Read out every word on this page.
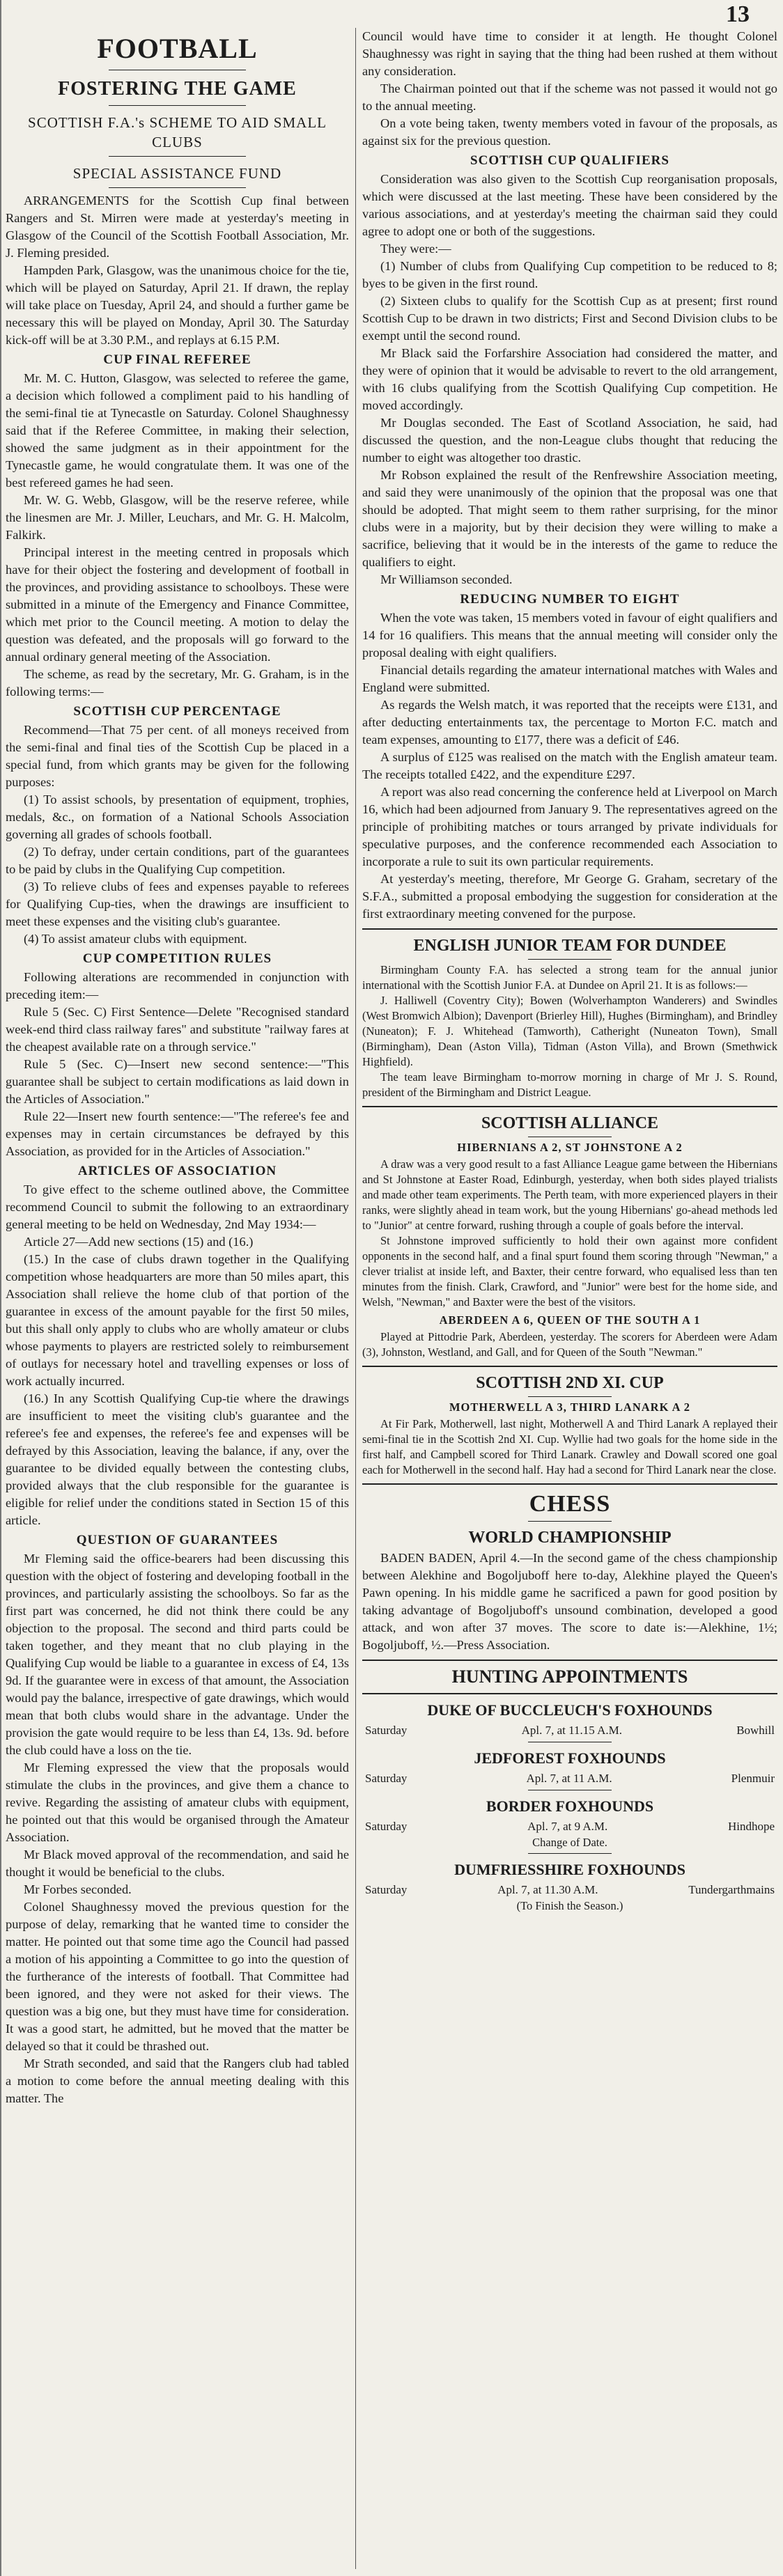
13
FOOTBALL
FOSTERING THE GAME
SCOTTISH F.A.'s SCHEME TO AID SMALL CLUBS
SPECIAL ASSISTANCE FUND

ARRANGEMENTS for the Scottish Cup final between Rangers and St. Mirren were made at yesterday's meeting in Glasgow of the Council of the Scottish Football Association, Mr. J. Fleming presided.

Hampden Park, Glasgow, was the unanimous choice for the tie, which will be played on Saturday, April 21. If drawn, the replay will take place on Tuesday, April 24, and should a further game be necessary this will be played on Monday, April 30. The Saturday kick-off will be at 3.30 P.M., and replays at 6.15 P.M.

CUP FINAL REFEREE

Mr. M. C. Hutton, Glasgow, was selected to referee the game, a decision which followed a compliment paid to his handling of the semi-final tie at Tynecastle on Saturday. Colonel Shaughnessy said that if the Referee Committee, in making their selection, showed the same judgment as in their appointment for the Tynecastle game, he would congratulate them. It was one of the best refereed games he had seen.

Mr. W. G. Webb, Glasgow, will be the reserve referee, while the linesmen are Mr. J. Miller, Leuchars, and Mr. G. H. Malcolm, Falkirk.

Principal interest in the meeting centred in proposals which have for their object the fostering and development of football in the provinces, and providing assistance to schoolboys. These were submitted in a minute of the Emergency and Finance Committee, which met prior to the Council meeting. A motion to delay the question was defeated, and the proposals will go forward to the annual ordinary general meeting of the Association.

The scheme, as read by the secretary, Mr. G. Graham, is in the following terms:—

SCOTTISH CUP PERCENTAGE

Recommend—That 75 per cent. of all moneys received from the semi-final and final ties of the Scottish Cup be placed in a special fund, from which grants may be given for the following purposes:

(1) To assist schools, by presentation of equipment, trophies, medals, &c., on formation of a National Schools Association governing all grades of schools football.

(2) To defray, under certain conditions, part of the guarantees to be paid by clubs in the Qualifying Cup competition.

(3) To relieve clubs of fees and expenses payable to referees for Qualifying Cup-ties, when the drawings are insufficient to meet these expenses and the visiting club's guarantee.

(4) To assist amateur clubs with equipment.

CUP COMPETITION RULES

Following alterations are recommended in conjunction with preceding item:—

Rule 5 (Sec. C) First Sentence—Delete "Recognised standard week-end third class railway fares" and substitute "railway fares at the cheapest available rate on a through service."

Rule 5 (Sec. C)—Insert new second sentence:—"This guarantee shall be subject to certain modifications as laid down in the Articles of Association."

Rule 22—Insert new fourth sentence:—"The referee's fee and expenses may in certain circumstances be defrayed by this Association, as provided for in the Articles of Association."

ARTICLES OF ASSOCIATION

To give effect to the scheme outlined above, the Committee recommend Council to submit the following to an extraordinary general meeting to be held on Wednesday, 2nd May 1934:—

Article 27—Add new sections (15) and (16.)

(15.) In the case of clubs drawn together in the Qualifying competition whose headquarters are more than 50 miles apart, this Association shall relieve the home club of that portion of the guarantee in excess of the amount payable for the first 50 miles, but this shall only apply to clubs who are wholly amateur or clubs whose payments to players are restricted solely to reimbursement of outlays for necessary hotel and travelling expenses or loss of work actually incurred.

(16.) In any Scottish Qualifying Cup-tie where the drawings are insufficient to meet the visiting club's guarantee and the referee's fee and expenses, the referee's fee and expenses will be defrayed by this Association, leaving the balance, if any, over the guarantee to be divided equally between the contesting clubs, provided always that the club responsible for the guarantee is eligible for relief under the conditions stated in Section 15 of this article.

QUESTION OF GUARANTEES

Mr Fleming said the office-bearers had been discussing this question with the object of fostering and developing football in the provinces, and particularly assisting the schoolboys. So far as the first part was concerned, he did not think there could be any objection to the proposal. The second and third parts could be taken together, and they meant that no club playing in the Qualifying Cup would be liable to a guarantee in excess of £4, 13s 9d. If the guarantee were in excess of that amount, the Association would pay the balance, irrespective of gate drawings, which would mean that both clubs would share in the advantage. Under the provision the gate would require to be less than £4, 13s. 9d. before the club could have a loss on the tie.

Mr Fleming expressed the view that the proposals would stimulate the clubs in the provinces, and give them a chance to revive. Regarding the assisting of amateur clubs with equipment, he pointed out that this would be organised through the Amateur Association.

Mr Black moved approval of the recommendation, and said he thought it would be beneficial to the clubs.

Mr Forbes seconded.

Colonel Shaughnessy moved the previous question for the purpose of delay, remarking that he wanted time to consider the matter. He pointed out that some time ago the Council had passed a motion of his appointing a Committee to go into the question of the furtherance of the interests of football. That Committee had been ignored, and they were not asked for their views. The question was a big one, but they must have time for consideration. It was a good start, he admitted, but he moved that the matter be delayed so that it could be thrashed out.

Mr Strath seconded, and said that the Rangers club had tabled a motion to come before the annual meeting dealing with this matter. The

Council would have time to consider it at length. He thought Colonel Shaughnessy was right in saying that the thing had been rushed at them without any consideration.

The Chairman pointed out that if the scheme was not passed it would not go to the annual meeting.

On a vote being taken, twenty members voted in favour of the proposals, as against six for the previous question.

SCOTTISH CUP QUALIFIERS

Consideration was also given to the Scottish Cup reorganisation proposals, which were discussed at the last meeting. These have been considered by the various associations, and at yesterday's meeting the chairman said they could agree to adopt one or both of the suggestions.

They were:—

(1) Number of clubs from Qualifying Cup competition to be reduced to 8; byes to be given in the first round.

(2) Sixteen clubs to qualify for the Scottish Cup as at present; first round Scottish Cup to be drawn in two districts; First and Second Division clubs to be exempt until the second round.

Mr Black said the Forfarshire Association had considered the matter, and they were of opinion that it would be advisable to revert to the old arrangement, with 16 clubs qualifying from the Scottish Qualifying Cup competition. He moved accordingly.

Mr Douglas seconded. The East of Scotland Association, he said, had discussed the question, and the non-League clubs thought that reducing the number to eight was altogether too drastic.

Mr Robson explained the result of the Renfrewshire Association meeting, and said they were unanimously of the opinion that the proposal was one that should be adopted. That might seem to them rather surprising, for the minor clubs were in a majority, but by their decision they were willing to make a sacrifice, believing that it would be in the interests of the game to reduce the qualifiers to eight.

Mr Williamson seconded.

REDUCING NUMBER TO EIGHT

When the vote was taken, 15 members voted in favour of eight qualifiers and 14 for 16 qualifiers. This means that the annual meeting will consider only the proposal dealing with eight qualifiers.

Financial details regarding the amateur international matches with Wales and England were submitted.

As regards the Welsh match, it was reported that the receipts were £131, and after deducting entertainments tax, the percentage to Morton F.C. match and team expenses, amounting to £177, there was a deficit of £46.

A surplus of £125 was realised on the match with the English amateur team. The receipts totalled £422, and the expenditure £297.

A report was also read concerning the conference held at Liverpool on March 16, which had been adjourned from January 9. The representatives agreed on the principle of prohibiting matches or tours arranged by private individuals for speculative purposes, and the conference recommended each Association to incorporate a rule to suit its own particular requirements.

At yesterday's meeting, therefore, Mr George G. Graham, secretary of the S.F.A., submitted a proposal embodying the suggestion for consideration at the first extraordinary meeting convened for the purpose.

ENGLISH JUNIOR TEAM FOR DUNDEE

Birmingham County F.A. has selected a strong team for the annual junior international with the Scottish Junior F.A. at Dundee on April 21. It is as follows:—

J. Halliwell (Coventry City); Bowen (Wolverhampton Wanderers) and Swindles (West Bromwich Albion); Davenport (Brierley Hill), Hughes (Birmingham), and Brindley (Nuneaton); F. J. Whitehead (Tamworth), Catheright (Nuneaton Town), Small (Birmingham), Dean (Aston Villa), Tidman (Aston Villa), and Brown (Smethwick Highfield).

The team leave Birmingham to-morrow morning in charge of Mr J. S. Round, president of the Birmingham and District League.

SCOTTISH ALLIANCE
HIBERNIANS A 2, ST JOHNSTONE A 2

A draw was a very good result to a fast Alliance League game between the Hibernians and St Johnstone at Easter Road, Edinburgh, yesterday, when both sides played trialists and made other team experiments. The Perth team, with more experienced players in their ranks, were slightly ahead in team work, but the young Hibernians' go-ahead methods led to "Junior" at centre forward, rushing through a couple of goals before the interval.

St Johnstone improved sufficiently to hold their own against more confident opponents in the second half, and a final spurt found them scoring through "Newman," a clever trialist at inside left, and Baxter, their centre forward, who equalised less than ten minutes from the finish. Clark, Crawford, and "Junior" were best for the home side, and Welsh, "Newman," and Baxter were the best of the visitors.

ABERDEEN A 6, QUEEN OF THE SOUTH A 1

Played at Pittodrie Park, Aberdeen, yesterday. The scorers for Aberdeen were Adam (3), Johnston, Westland, and Gall, and for Queen of the South "Newman."

SCOTTISH 2ND XI. CUP
MOTHERWELL A 3, THIRD LANARK A 2

At Fir Park, Motherwell, last night, Motherwell A and Third Lanark A replayed their semi-final tie in the Scottish 2nd XI. Cup. Wyllie had two goals for the home side in the first half, and Campbell scored for Third Lanark. Crawley and Dowall scored one goal each for Motherwell in the second half. Hay had a second for Third Lanark near the close.

CHESS
WORLD CHAMPIONSHIP

BADEN BADEN, April 4.—In the second game of the chess championship between Alekhine and Bogoljuboff here to-day, Alekhine played the Queen's Pawn opening. In his middle game he sacrificed a pawn for good position by taking advantage of Bogoljuboff's unsound combination, developed a good attack, and won after 37 moves. The score to date is:—Alekhine, 1½; Bogoljuboff, ½.—Press Association.

HUNTING APPOINTMENTS
DUKE OF BUCCLEUCH'S FOXHOUNDS
Saturday	Apl. 7, at 11.15 A.M.	Bowhill
JEDFOREST FOXHOUNDS
Saturday	Apl. 7, at 11 A.M.	Plenmuir
BORDER FOXHOUNDS
Saturday	Apl. 7, at 9 A.M.	Hindhope
Change of Date.
DUMFRIESSHIRE FOXHOUNDS
Saturday	Apl. 7, at 11.30 A.M.	Tundergarthmains
(To Finish the Season.)
